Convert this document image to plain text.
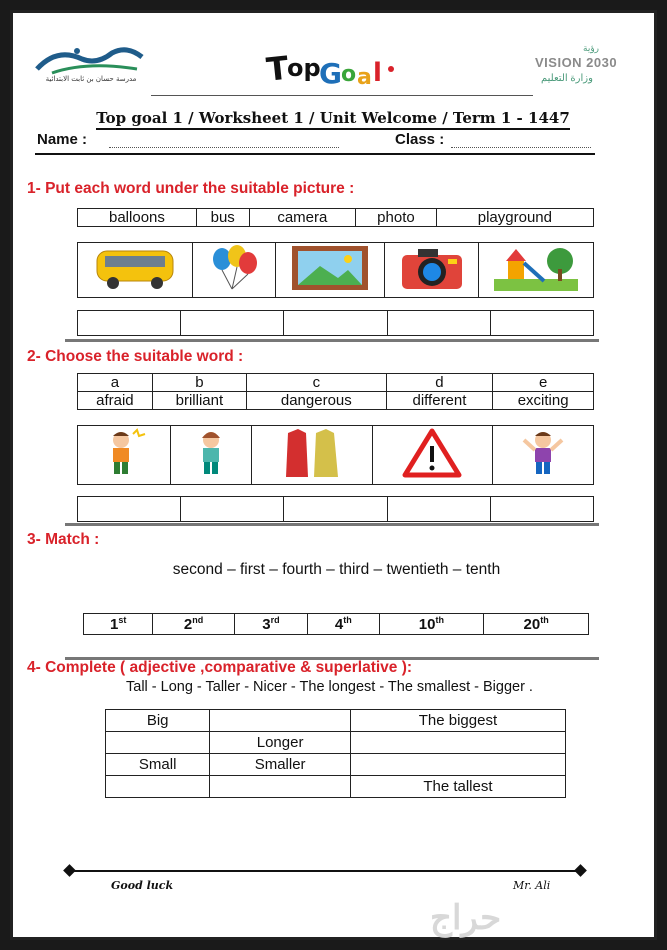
مدرسة حسان بن ثابت الابتدائية	T
op
G o a l
رؤية
VISION 2030
وزارة التعليم
Top goal 1 / Worksheet 1 / Unit Welcome / Term 1 - 1447
Name :	Class :
1- Put each word under the suitable picture :
balloons	bus	camera	photo	playground

2- Choose the suitable word :
a	b	c	d	e
afraid	brilliant	dangerous	different	exciting

3- Match :
second – first – fourth – third – twentieth – tenth
1st	2nd	3rd	4th	10th	20th
4- Complete ( adjective ,comparative & superlative ):
Tall - Long - Taller - Nicer - The longest - The smallest - Bigger .
Big		The biggest
	Longer	
Small	Smaller	
		The tallest
Good luck	Mr. Ali
حراج
